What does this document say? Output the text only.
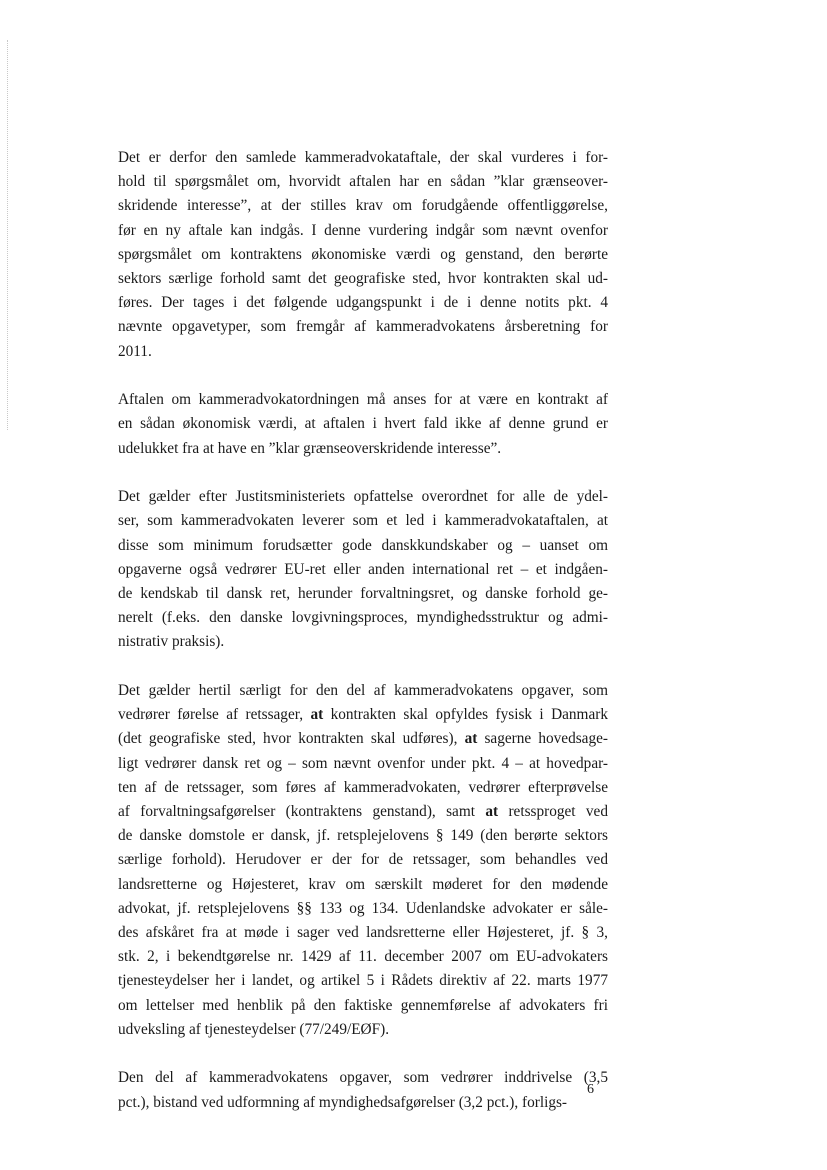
Det er derfor den samlede kammeradvokataftale, der skal vurderes i for-
hold til spørgsmålet om, hvorvidt aftalen har en sådan ”klar grænseover-
skridende interesse”, at der stilles krav om forudgående offentliggørelse,
før en ny aftale kan indgås. I denne vurdering indgår som nævnt ovenfor
spørgsmålet om kontraktens økonomiske værdi og genstand, den berørte
sektors særlige forhold samt det geografiske sted, hvor kontrakten skal ud-
føres. Der tages i det følgende udgangspunkt i de i denne notits pkt. 4
nævnte opgavetyper, som fremgår af kammeradvokatens årsberetning for
2011.

Aftalen om kammeradvokatordningen må anses for at være en kontrakt af
en sådan økonomisk værdi, at aftalen i hvert fald ikke af denne grund er
udelukket fra at have en ”klar grænseoverskridende interesse”.

Det gælder efter Justitsministeriets opfattelse overordnet for alle de ydel-
ser, som kammeradvokaten leverer som et led i kammeradvokataftalen, at
disse som minimum forudsætter gode danskkundskaber og – uanset om
opgaverne også vedrører EU-ret eller anden international ret – et indgåen-
de kendskab til dansk ret, herunder forvaltningsret, og danske forhold ge-
nerelt (f.eks. den danske lovgivningsproces, myndighedsstruktur og admi-
nistrativ praksis).

Det gælder hertil særligt for den del af kammeradvokatens opgaver, som
vedrører førelse af retssager, at kontrakten skal opfyldes fysisk i Danmark
(det geografiske sted, hvor kontrakten skal udføres), at sagerne hovedsage-
ligt vedrører dansk ret og – som nævnt ovenfor under pkt. 4 – at hovedpar-
ten af de retssager, som føres af kammeradvokaten, vedrører efterprøvelse
af forvaltningsafgørelser (kontraktens genstand), samt at retssproget ved
de danske domstole er dansk, jf. retsplejelovens § 149 (den berørte sektors
særlige forhold). Herudover er der for de retssager, som behandles ved
landsretterne og Højesteret, krav om særskilt møderet for den mødende
advokat, jf. retsplejelovens §§ 133 og 134. Udenlandske advokater er såle-
des afskåret fra at møde i sager ved landsretterne eller Højesteret, jf. § 3,
stk. 2, i bekendtgørelse nr. 1429 af 11. december 2007 om EU-advokaters
tjenesteydelser her i landet, og artikel 5 i Rådets direktiv af 22. marts 1977
om lettelser med henblik på den faktiske gennemførelse af advokaters fri
udveksling af tjenesteydelser (77/249/EØF).

Den del af kammeradvokatens opgaver, som vedrører inddrivelse (3,5
pct.), bistand ved udformning af myndighedsafgørelser (3,2 pct.), forligs-

6
